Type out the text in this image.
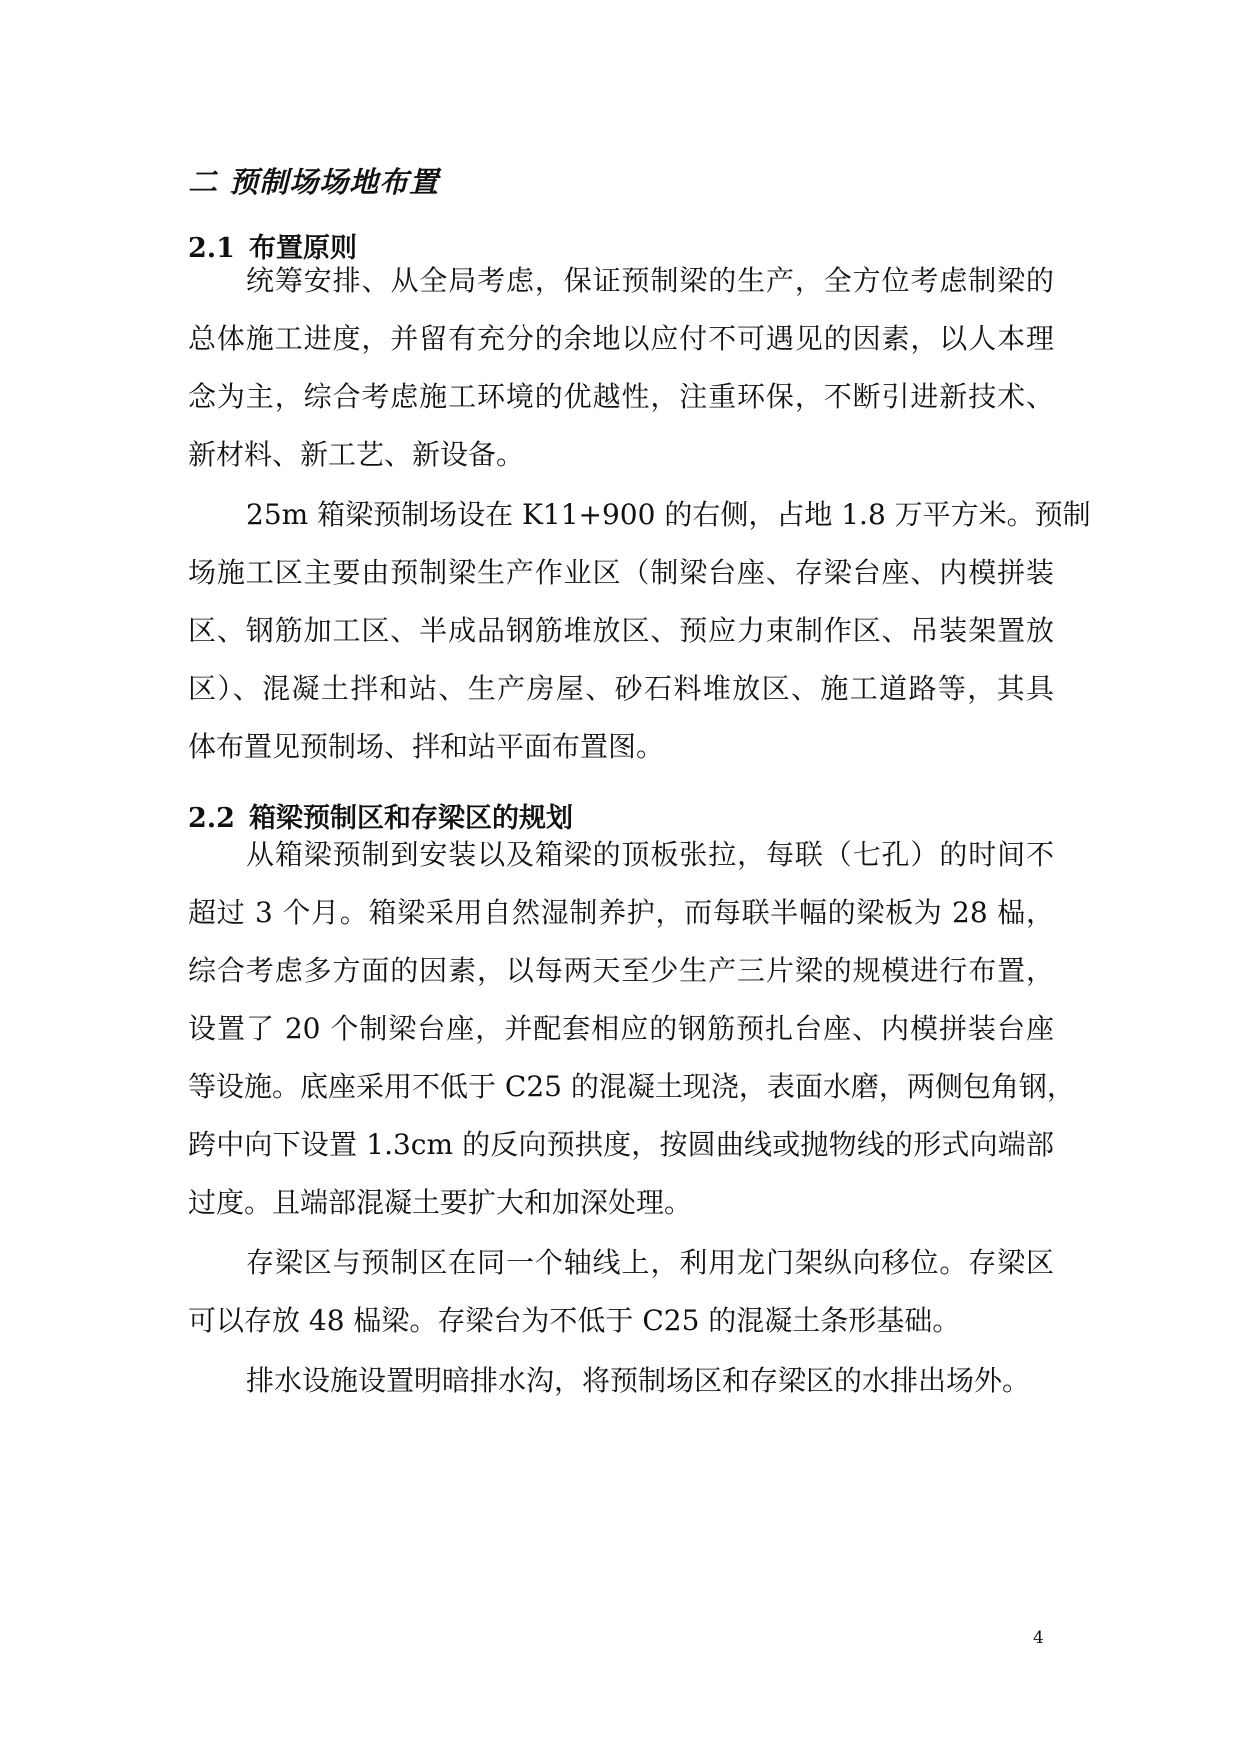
二 预制场场地布置
2.1 布置原则

统筹安排、从全局考虑，保证预制梁的生产，全方位考虑制梁的

总体施工进度，并留有充分的余地以应付不可遇见的因素，以人本理

念为主，综合考虑施工环境的优越性，注重环保，不断引进新技术、

新材料、新工艺、新设备。

25m 箱梁预制场设在 K11+900 的右侧，占地 1.8 万平方米。预制

场施工区主要由预制梁生产作业区（制梁台座、存梁台座、内模拼装

区、钢筋加工区、半成品钢筋堆放区、预应力束制作区、吊装架置放

区）、混凝土拌和站、生产房屋、砂石料堆放区、施工道路等，其具

体布置见预制场、拌和站平面布置图。

2.2 箱梁预制区和存梁区的规划

从箱梁预制到安装以及箱梁的顶板张拉，每联（七孔）的时间不

超过 3 个月。箱梁采用自然湿制养护，而每联半幅的梁板为 28 榀，

综合考虑多方面的因素，以每两天至少生产三片梁的规模进行布置，

设置了 20 个制梁台座，并配套相应的钢筋预扎台座、内模拼装台座

等设施。底座采用不低于 C25 的混凝土现浇，表面水磨，两侧包角钢，

跨中向下设置 1.3cm 的反向预拱度，按圆曲线或抛物线的形式向端部

过度。且端部混凝土要扩大和加深处理。

存梁区与预制区在同一个轴线上，利用龙门架纵向移位。存梁区

可以存放 48 榀梁。存梁台为不低于 C25 的混凝土条形基础。

排水设施设置明暗排水沟，将预制场区和存梁区的水排出场外。

4
